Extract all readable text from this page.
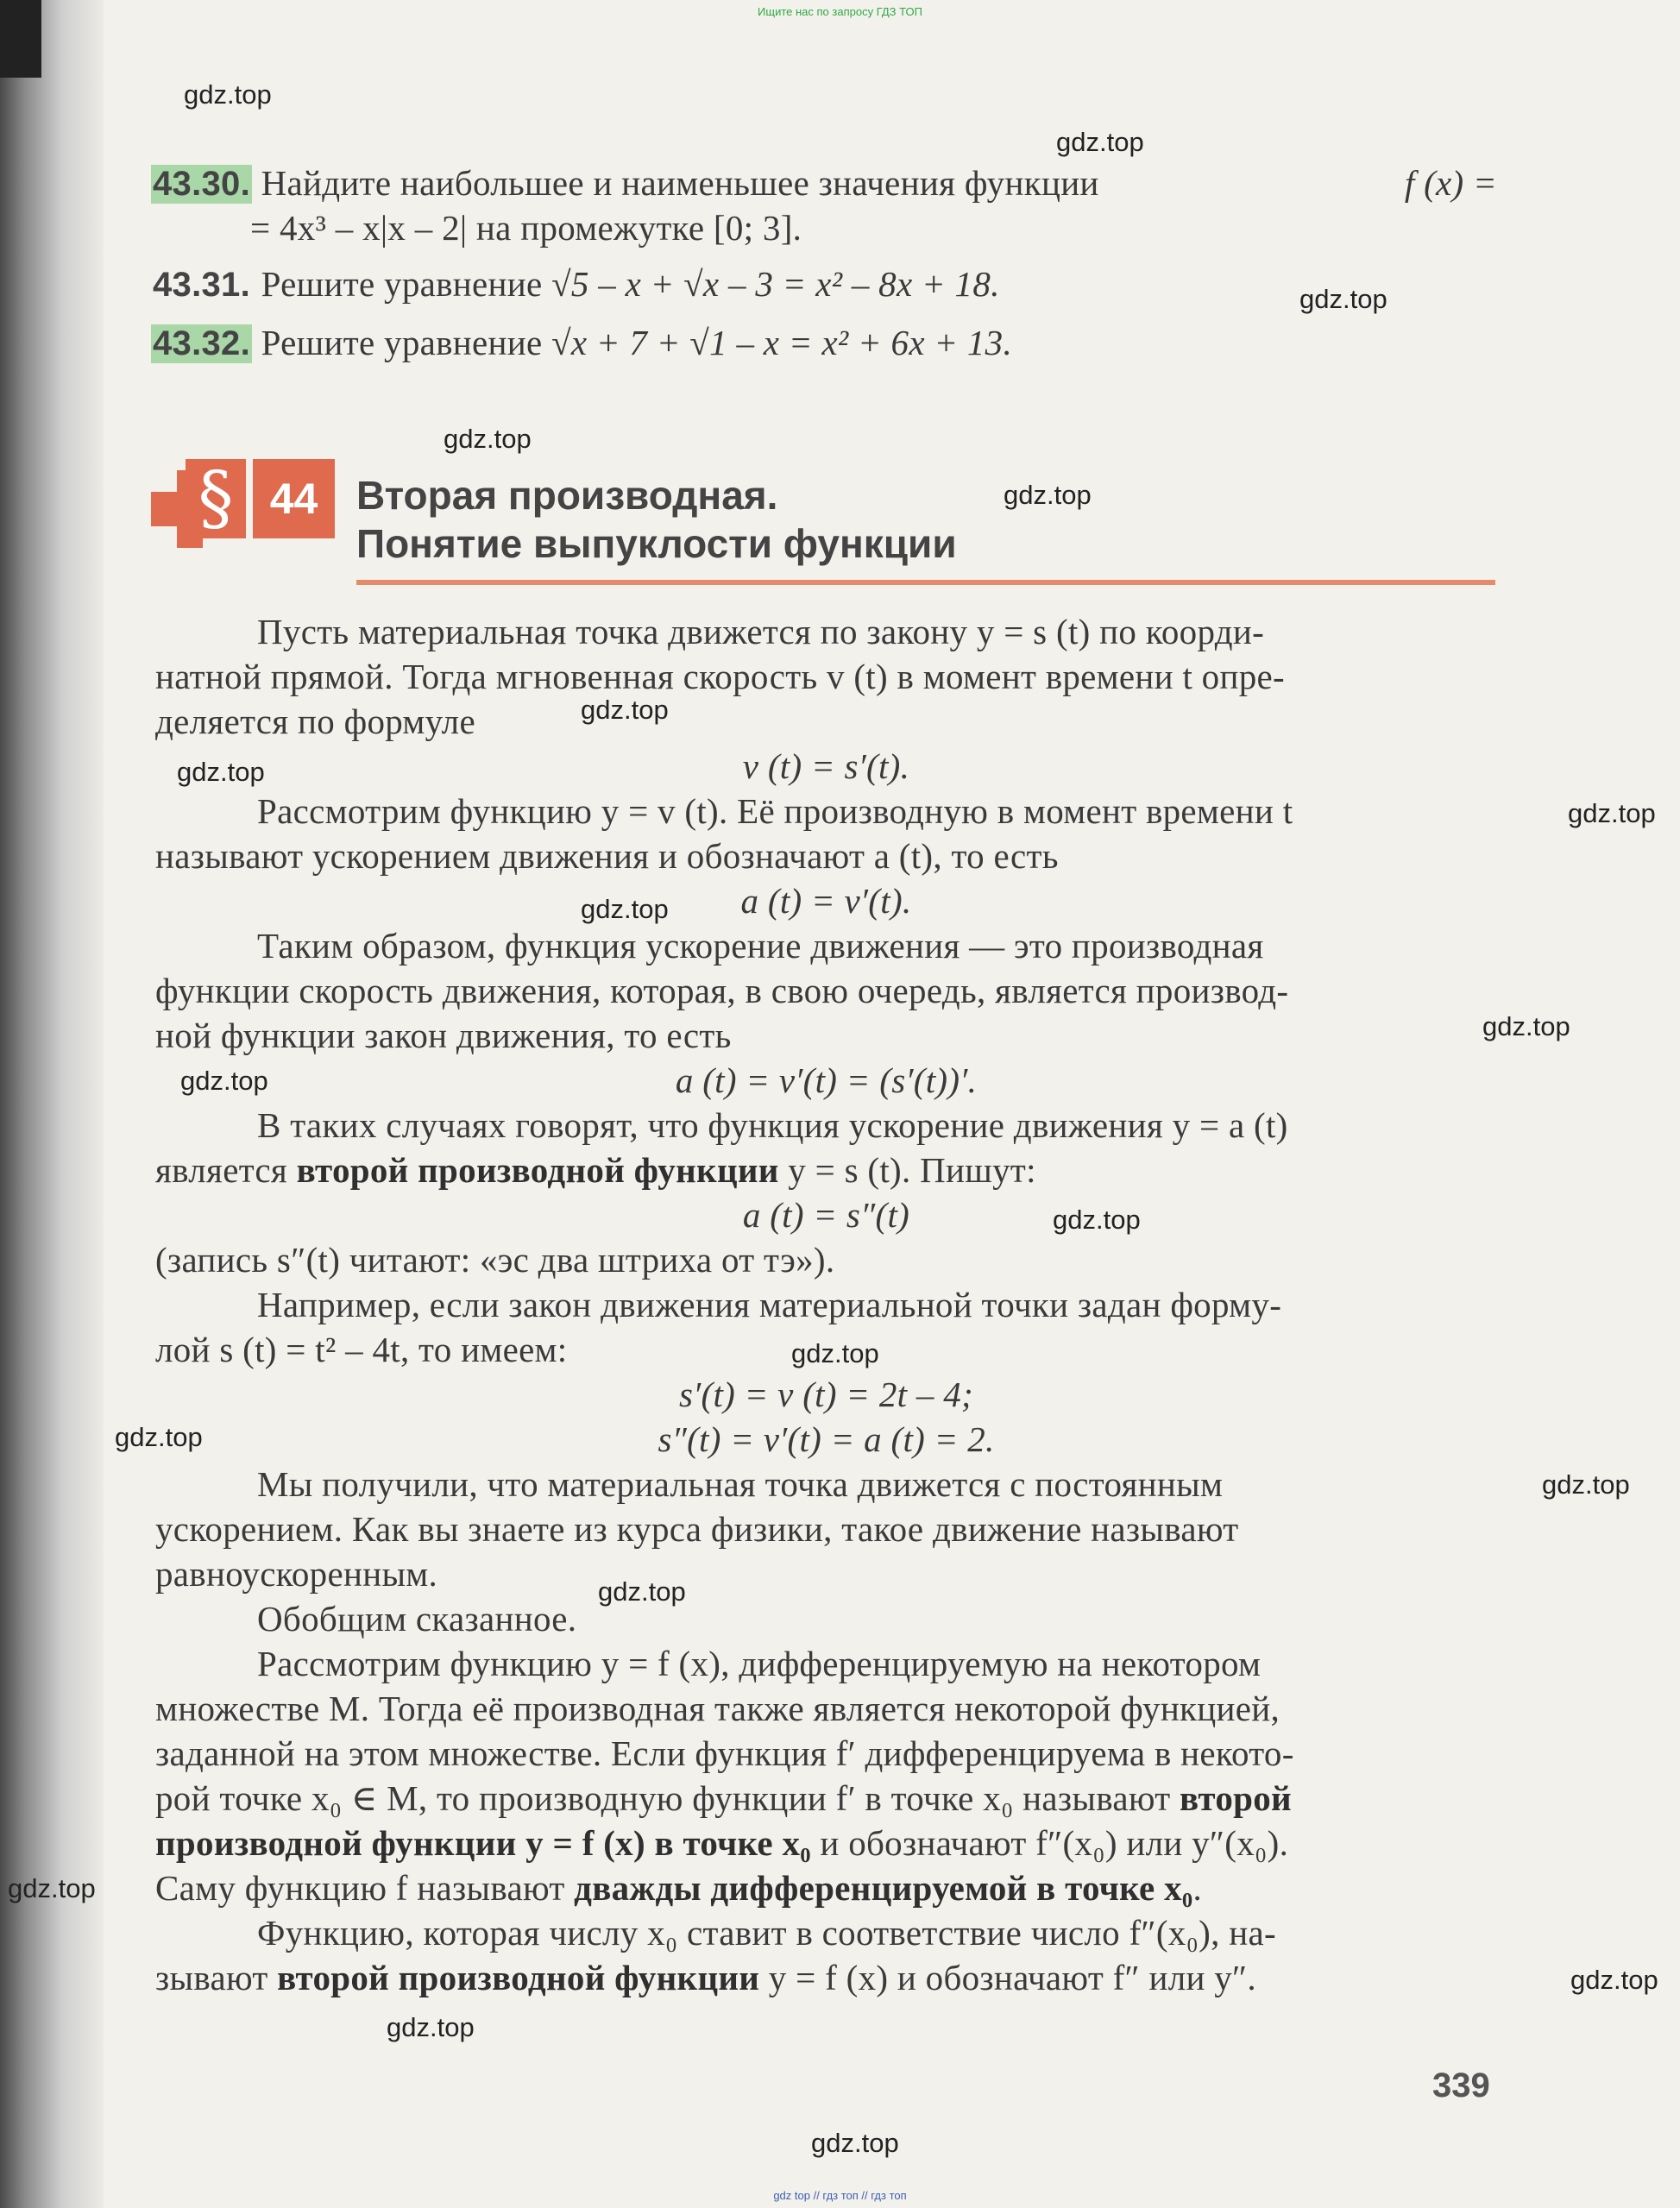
Ищите нас по запросу ГДЗ ТОП
gdz.top
gdz.top
gdz.top
gdz.top
gdz.top
gdz.top
gdz.top
gdz.top
gdz.top
gdz.top
gdz.top
gdz.top
gdz.top
gdz.top
gdz.top
gdz.top
gdz.top
gdz.top
gdz.top
gdz.top
43.30. Найдите наибольшее и наименьшее значения функции	f (x) =
= 4x³ – x|x – 2| на промежутке [0; 3].
43.31. Решите уравнение √5 – x + √x – 3 = x² – 8x + 18.
43.32. Решите уравнение √x + 7 + √1 – x = x² + 6x + 13.
§ 44 Вторая производная.
Понятие выпуклости функции
Пусть материальная точка движется по закону y = s (t) по коорди-
натной прямой. Тогда мгновенная скорость v (t) в момент времени t опре-
деляется по формуле
v (t) = s′(t).
Рассмотрим функцию y = v (t). Её производную в момент времени t
называют ускорением движения и обозначают a (t), то есть
a (t) = v′(t).
Таким образом, функция ускорение движения — это производная
функции скорость движения, которая, в свою очередь, является производ-
ной функции закон движения, то есть
a (t) = v′(t) = (s′(t))′.
В таких случаях говорят, что функция ускорение движения y = a (t)
является второй производной функции y = s (t). Пишут:
a (t) = s″(t)
(запись s″(t) читают: «эс два штриха от тэ»).
Например, если закон движения материальной точки задан форму-
лой s (t) = t² – 4t, то имеем:
s′(t) = v (t) = 2t – 4;
s″(t) = v′(t) = a (t) = 2.
Мы получили, что материальная точка движется с постоянным
ускорением. Как вы знаете из курса физики, такое движение называют
равноускоренным.
Обобщим сказанное.
Рассмотрим функцию y = f (x), дифференцируемую на некотором
множестве M. Тогда её производная также является некоторой функцией,
заданной на этом множестве. Если функция f′ дифференцируема в некото-
рой точке x₀ ∈ M, то производную функции f′ в точке x₀ называют второй
производной функции y = f (x) в точке x₀ и обозначают f″(x₀) или y″(x₀).
Саму функцию f называют дважды дифференцируемой в точке x₀.
Функцию, которая числу x₀ ставит в соответствие число f″(x₀), на-
зывают второй производной функции y = f (x) и обозначают f″ или y″.
339
gdz top // гдз топ // гдз топ
